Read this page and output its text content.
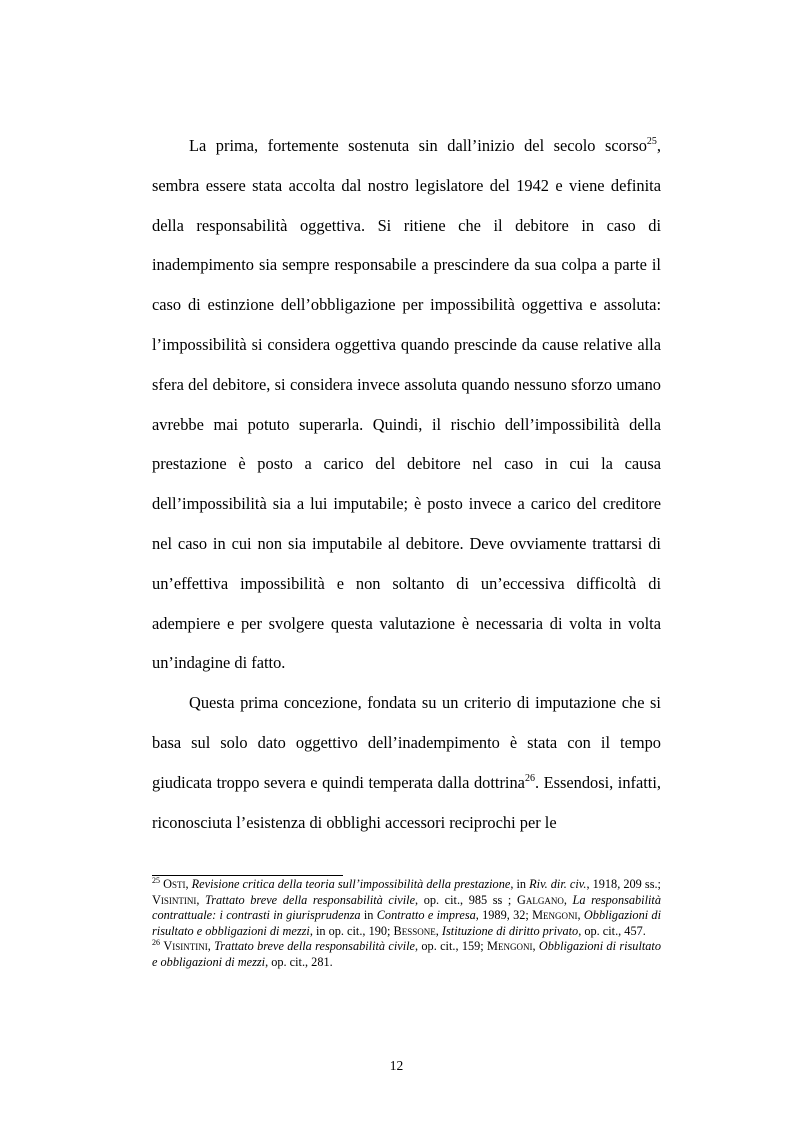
La prima, fortemente sostenuta sin dall’inizio del secolo scorso$^{25}$, sembra essere stata accolta dal nostro legislatore del 1942 e viene definita della responsabilità oggettiva. Si ritiene che il debitore in caso di inadempimento sia sempre responsabile a prescindere da sua colpa a parte il caso di estinzione dell’obbligazione per impossibilità oggettiva e assoluta: l’impossibilità si considera oggettiva quando prescinde da cause relative alla sfera del debitore, si considera invece assoluta quando nessuno sforzo umano avrebbe mai potuto superarla. Quindi, il rischio dell’impossibilità della prestazione è posto a carico del debitore nel caso in cui la causa dell’impossibilità sia a lui imputabile; è posto invece a carico del creditore nel caso in cui non sia imputabile al debitore. Deve ovviamente trattarsi di un’effettiva impossibilità e non soltanto di un’eccessiva difficoltà di adempiere e per svolgere questa valutazione è necessaria di volta in volta un’indagine di fatto.

Questa prima concezione, fondata su un criterio di imputazione che si basa sul solo dato oggettivo dell’inadempimento è stata con il tempo giudicata troppo severa e quindi temperata dalla dottrina$^{26}$. Essendosi, infatti, riconosciuta l’esistenza di obblighi accessori reciprochi per le

$^{25}$ Osti, Revisione critica della teoria sull’impossibilità della prestazione, in Riv. dir. civ., 1918, 209 ss.; Visintini, Trattato breve della responsabilità civile, op. cit., 985 ss ; Galgano, La responsabilità contrattuale: i contrasti in giurisprudenza in Contratto e impresa, 1989, 32; Mengoni, Obbligazioni di risultato e obbligazioni di mezzi, in op. cit., 190; Bessone, Istituzione di diritto privato, op. cit., 457.

$^{26}$ Visintini, Trattato breve della responsabilità civile, op. cit., 159; Mengoni, Obbligazioni di risultato e obbligazioni di mezzi, op. cit., 281.

12
